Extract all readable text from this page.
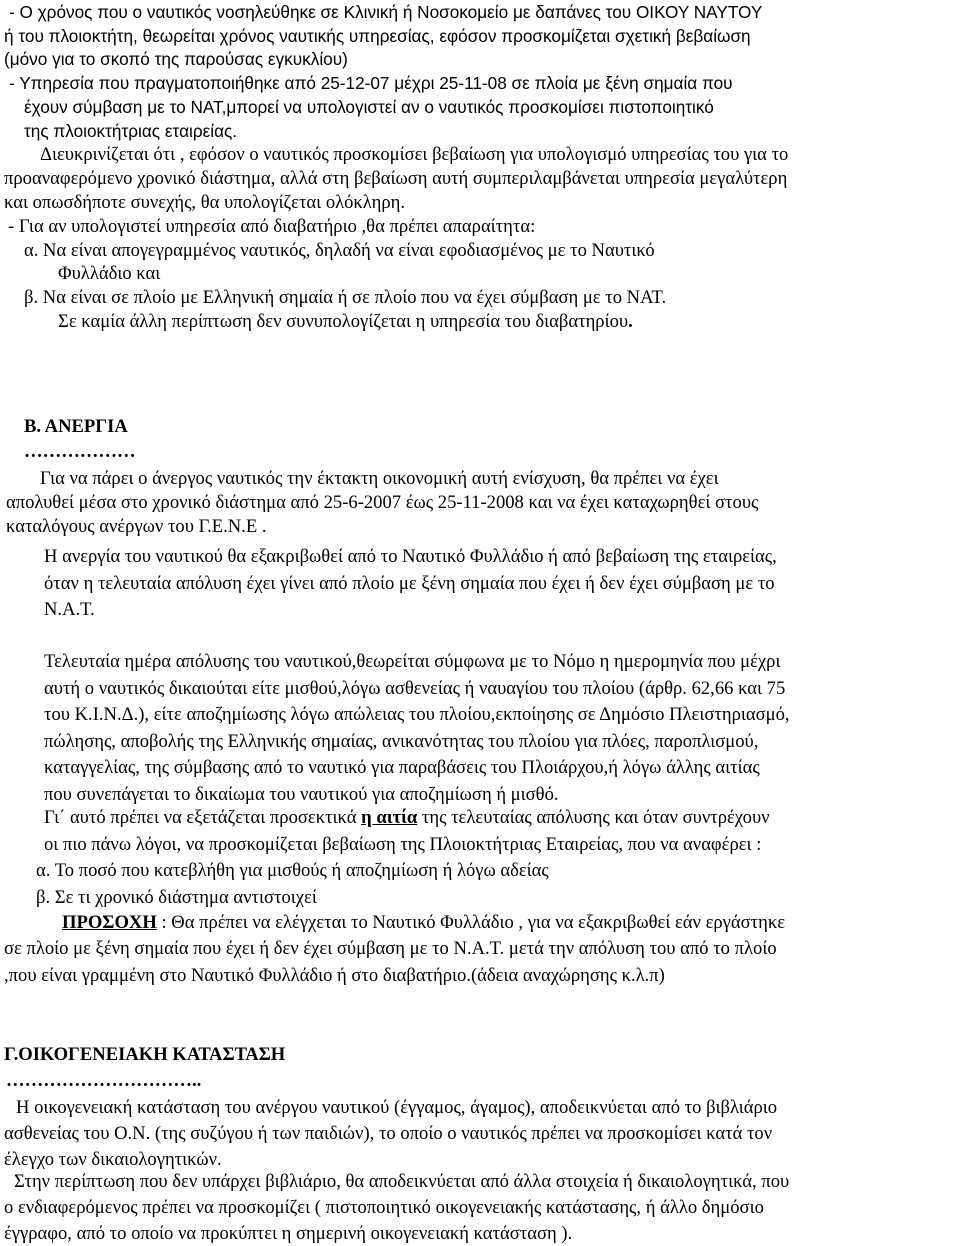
- Ο χρόνος που ο ναυτικός νοσηλεύθηκε σε Κλινική ή Νοσοκομείο με δαπάνες του ΟΙΚΟΥ ΝΑΥΤΟΥ

ή του πλοιοκτήτη, θεωρείται χρόνος ναυτικής υπηρεσίας, εφόσον προσκομίζεται σχετική βεβαίωση

(μόνο για το σκοπό της παρούσας εγκυκλίου)

- Υπηρεσία που πραγματοποιήθηκε από 25-12-07 μέχρι 25-11-08 σε πλοία με ξένη σημαία που

έχουν σύμβαση με το ΝΑΤ,μπορεί να υπολογιστεί αν ο ναυτικός προσκομίσει πιστοποιητικό

της πλοιοκτήτριας εταιρείας.

Διευκρινίζεται ότι , εφόσον ο ναυτικός προσκομίσει βεβαίωση για υπολογισμό υπηρεσίας του για το

προαναφερόμενο χρονικό διάστημα, αλλά στη βεβαίωση αυτή συμπεριλαμβάνεται υπηρεσία μεγαλύτερη

και οπωσδήποτε συνεχής, θα υπολογίζεται ολόκληρη.

- Για αν υπολογιστεί υπηρεσία από διαβατήριο ,θα πρέπει απαραίτητα:

α. Να είναι απογεγραμμένος ναυτικός, δηλαδή να είναι εφοδιασμένος με το Ναυτικό

Φυλλάδιο και

β. Να είναι σε πλοίο με Ελληνική σημαία ή σε πλοίο που να έχει σύμβαση με το ΝΑΤ.

Σε καμία άλλη περίπτωση δεν συνυπολογίζεται η υπηρεσία του διαβατηρίου.

Β. ΑΝΕΡΓΙΑ

………………

Για να πάρει ο άνεργος ναυτικός την έκτακτη οικονομική αυτή ενίσχυση, θα πρέπει να έχει

απολυθεί μέσα στο χρονικό διάστημα από 25-6-2007 έως 25-11-2008 και να έχει καταχωρηθεί στους

καταλόγους ανέργων του Γ.Ε.Ν.Ε .

Η ανεργία του ναυτικού θα εξακριβωθεί από το Ναυτικό Φυλλάδιο ή από βεβαίωση της εταιρείας,

όταν η τελευταία απόλυση έχει γίνει από πλοίο με ξένη σημαία που έχει ή δεν έχει σύμβαση με το

Ν.Α.Τ.

Τελευταία ημέρα απόλυσης του ναυτικού,θεωρείται σύμφωνα με το Νόμο η ημερομηνία που μέχρι

αυτή ο ναυτικός δικαιούται είτε μισθού,λόγω ασθενείας ή ναυαγίου του πλοίου (άρθρ. 62,66 και 75

του Κ.Ι.Ν.Δ.), είτε αποζημίωσης λόγω απώλειας του πλοίου,εκποίησης σε Δημόσιο Πλειστηριασμό,

πώλησης, αποβολής της Ελληνικής σημαίας, ανικανότητας του πλοίου για πλόες, παροπλισμού,

καταγγελίας, της σύμβασης από το ναυτικό για παραβάσεις του Πλοιάρχου,ή λόγω άλλης αιτίας

που συνεπάγεται το δικαίωμα του ναυτικού για αποζημίωση ή μισθό.

Γι΄ αυτό πρέπει να εξετάζεται προσεκτικά η αιτία της τελευταίας απόλυσης και όταν συντρέχουν

οι πιο πάνω λόγοι, να προσκομίζεται βεβαίωση της Πλοιοκτήτριας Εταιρείας, που να αναφέρει :

α. Το ποσό που κατεβλήθη για μισθούς ή αποζημίωση ή λόγω αδείας

β. Σε τι χρονικό διάστημα αντιστοιχεί

ΠΡΟΣΟΧΗ : Θα πρέπει να ελέγχεται το Ναυτικό Φυλλάδιο , για να εξακριβωθεί εάν εργάστηκε

σε πλοίο με ξένη σημαία που έχει ή δεν έχει σύμβαση με το Ν.Α.Τ. μετά την απόλυση του από το πλοίο

,που είναι γραμμένη στο Ναυτικό Φυλλάδιο ή στο διαβατήριο.(άδεια αναχώρησης κ.λ.π)

Γ.ΟΙΚΟΓΕΝΕΙΑΚΗ ΚΑΤΑΣΤΑΣΗ

…………………………..

Η οικογενειακή κατάσταση του ανέργου ναυτικού (έγγαμος, άγαμος), αποδεικνύεται από το βιβλιάριο

ασθενείας του Ο.Ν. (της συζύγου ή των παιδιών), το οποίο ο ναυτικός πρέπει να προσκομίσει κατά τον

έλεγχο των δικαιολογητικών.

Στην περίπτωση που δεν υπάρχει βιβλιάριο, θα αποδεικνύεται από άλλα στοιχεία ή δικαιολογητικά, που

ο ενδιαφερόμενος πρέπει να προσκομίζει ( πιστοποιητικό οικογενειακής κατάστασης, ή άλλο δημόσιο

έγγραφο, από το οποίο να προκύπτει η σημερινή οικογενειακή κατάσταση ).
